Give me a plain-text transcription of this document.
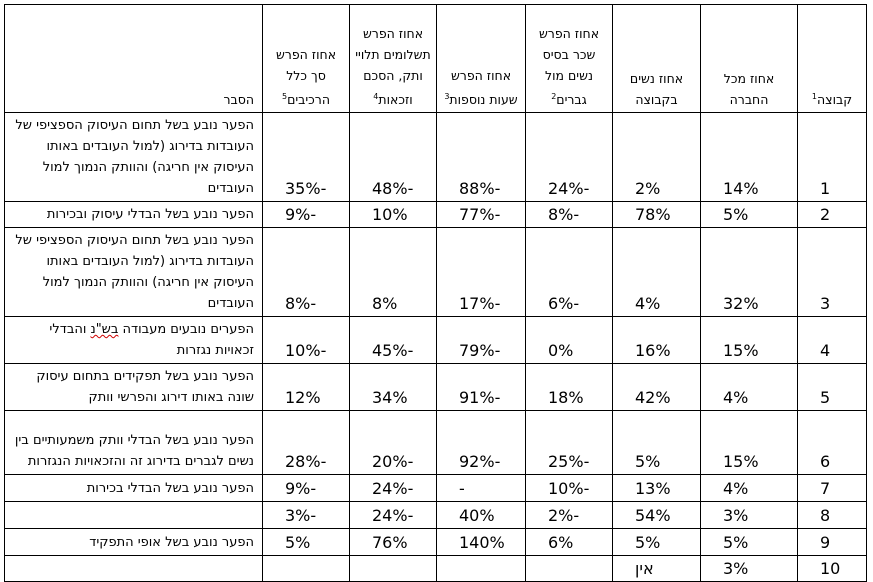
קבוצה$^1$	אחוז מכל החברה	אחוז נשים בקבוצה	אחוז הפרש שכר בסיס נשים מול גברים$^2$	אחוז הפרש שעות נוספות$^3$	אחוז הפרש תשלומים תלויי ותק, הסכם וזכאות$^4$	אחוז הפרש סך כלל הרכיבים$^5$	הסבר
1	14%	2%	-24%	-88%	-48%	-35%	הפער נובע בשל תחום העיסוק הספציפי של העובדות בדירוג (למול העובדים באותו העיסוק אין חריגה) והוותק הנמוך למול העובדים
2	5%	78%	-8%	-77%	10%	-9%	הפער נובע בשל הבדלי עיסוק ובכירות
3	32%	4%	-6%	-17%	8%	-8%	הפער נובע בשל תחום העיסוק הספציפי של העובדות בדירוג (למול העובדים באותו העיסוק אין חריגה) והוותק הנמוך למול העובדים
4	15%	16%	0%	-79%	-45%	-10%	הפערים נובעים מעבודה בש"נ והבדלי זכאויות נגזרות
5	4%	42%	18%	-91%	34%	12%	הפער נובע בשל תפקידים בתחום עיסוק שונה באותו דירוג והפרשי וותק
6	15%	5%	-25%	-92%	-20%	-28%	הפער נובע בשל הבדלי וותק משמעותיים בין נשים לגברים בדירוג זה והזכאויות הנגזרות
7	4%	13%	-10%	-	-24%	-9%	הפער נובע בשל הבדלי בכירות
8	3%	54%	-2%	40%	-24%	-3%	
9	5%	5%	6%	140%	76%	5%	הפער נובע בשל אופי התפקיד
10	3%	אין					
